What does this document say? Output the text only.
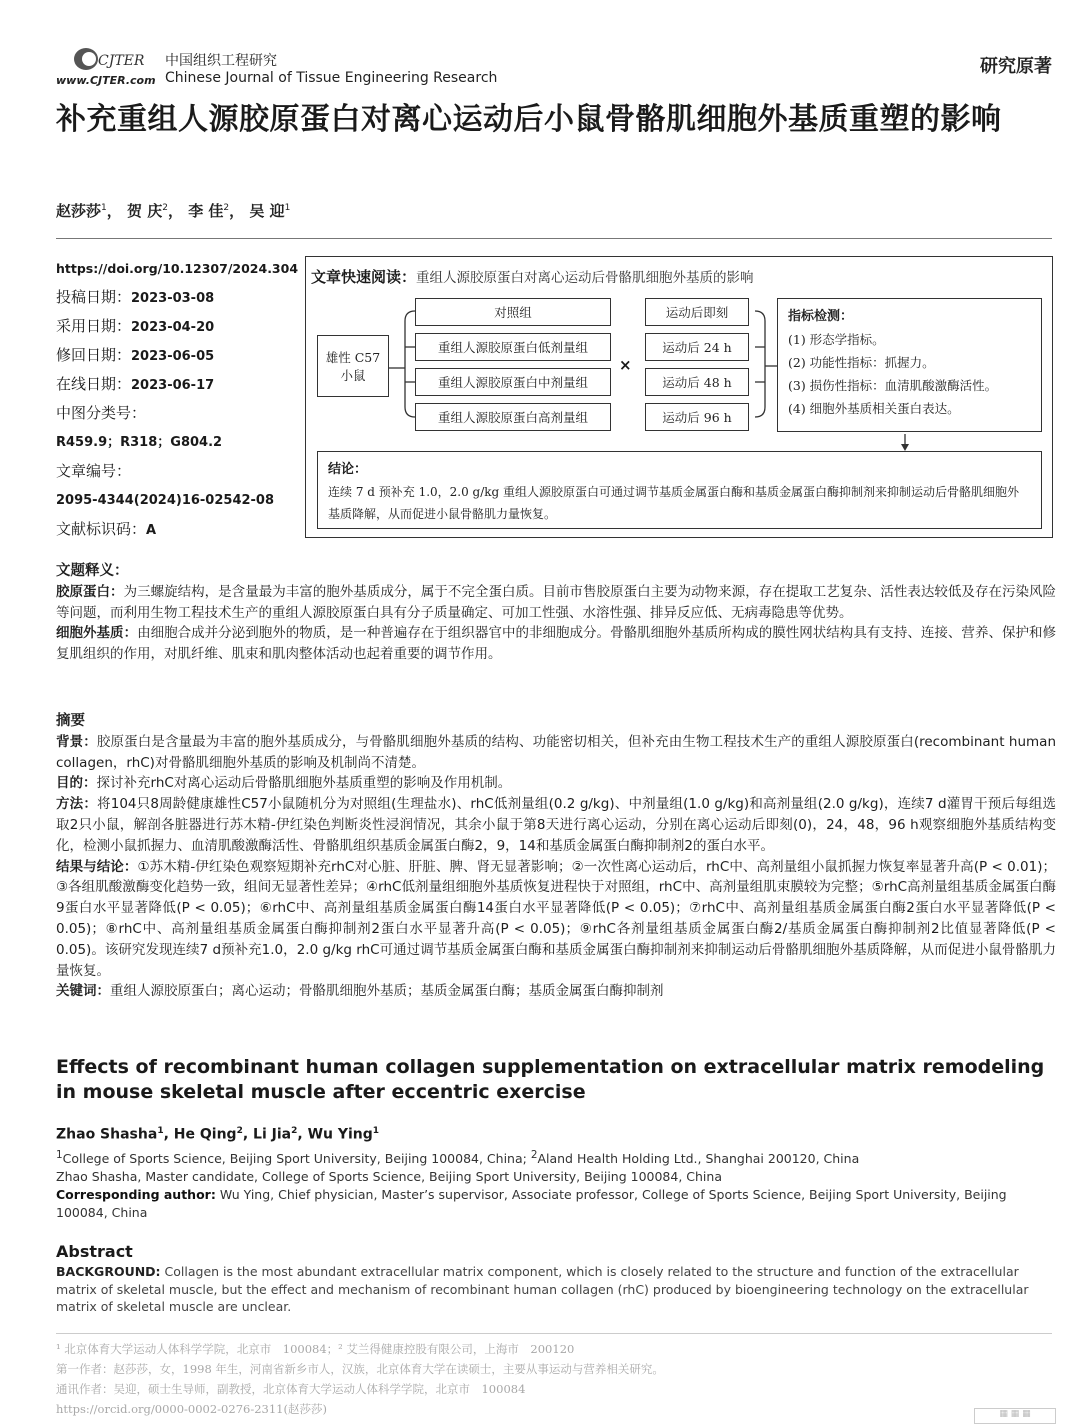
CJTER
www.CJTER.com
中国组织工程研究
Chinese Journal of Tissue Engineering Research
研究原著
补充重组人源胶原蛋白对离心运动后小鼠骨骼肌细胞外基质重塑的影响
赵莎莎$^1$， 贺 庆$^2$， 李 佳$^2$， 吴 迎$^1$
https://doi.org/10.12307/2024.304
投稿日期：2023-03-08
采用日期：2023-04-20
修回日期：2023-06-05
在线日期：2023-06-17
中图分类号：
R459.9；R318；G804.2
文章编号：
2095-4344(2024)16-02542-08
文献标识码：A
文章快速阅读：重组人源胶原蛋白对离心运动后骨骼肌细胞外基质的影响
雄性 C57 小鼠
对照组
重组人源胶原蛋白低剂量组
重组人源胶原蛋白中剂量组
重组人源胶原蛋白高剂量组
×
运动后即刻
运动后 24 h
运动后 48 h
运动后 96 h
指标检测：
(1) 形态学指标。
(2) 功能性指标：抓握力。
(3) 损伤性指标：血清肌酸激酶活性。
(4) 细胞外基质相关蛋白表达。
结论：
连续 7 d 预补充 1.0，2.0 g/kg 重组人源胶原蛋白可通过调节基质金属蛋白酶和基质金属蛋白酶抑制剂来抑制运动后骨骼肌细胞外基质降解，从而促进小鼠骨骼肌力量恢复。
文题释义：
胶原蛋白：为三螺旋结构，是含量最为丰富的胞外基质成分，属于不完全蛋白质。目前市售胶原蛋白主要为动物来源，存在提取工艺复杂、活性表达较低及存在污染风险等问题，而利用生物工程技术生产的重组人源胶原蛋白具有分子质量确定、可加工性强、水溶性强、排异反应低、无病毒隐患等优势。
细胞外基质：由细胞合成并分泌到胞外的物质，是一种普遍存在于组织器官中的非细胞成分。骨骼肌细胞外基质所构成的膜性网状结构具有支持、连接、营养、保护和修复肌组织的作用，对肌纤维、肌束和肌肉整体活动也起着重要的调节作用。
摘要
背景：胶原蛋白是含量最为丰富的胞外基质成分，与骨骼肌细胞外基质的结构、功能密切相关，但补充由生物工程技术生产的重组人源胶原蛋白(recombinant human collagen，rhC)对骨骼肌细胞外基质的影响及机制尚不清楚。
目的：探讨补充rhC对离心运动后骨骼肌细胞外基质重塑的影响及作用机制。
方法：将104只8周龄健康雄性C57小鼠随机分为对照组(生理盐水)、rhC低剂量组(0.2 g/kg)、中剂量组(1.0 g/kg)和高剂量组(2.0 g/kg)，连续7 d灌胃干预后每组选取2只小鼠，解剖各脏器进行苏木精-伊红染色判断炎性浸润情况，其余小鼠于第8天进行离心运动，分别在离心运动后即刻(0)，24，48，96 h观察细胞外基质结构变化，检测小鼠抓握力、血清肌酸激酶活性、骨骼肌组织基质金属蛋白酶2，9，14和基质金属蛋白酶抑制剂2的蛋白水平。
结果与结论：①苏木精-伊红染色观察短期补充rhC对心脏、肝脏、脾、肾无显著影响；②一次性离心运动后，rhC中、高剂量组小鼠抓握力恢复率显著升高(P < 0.01)；③各组肌酸激酶变化趋势一致，组间无显著性差异；④rhC低剂量组细胞外基质恢复进程快于对照组，rhC中、高剂量组肌束膜较为完整；⑤rhC高剂量组基质金属蛋白酶9蛋白水平显著降低(P < 0.05)；⑥rhC中、高剂量组基质金属蛋白酶14蛋白水平显著降低(P < 0.05)；⑦rhC中、高剂量组基质金属蛋白酶2蛋白水平显著降低(P < 0.05)；⑧rhC中、高剂量组基质金属蛋白酶抑制剂2蛋白水平显著升高(P < 0.05)；⑨rhC各剂量组基质金属蛋白酶2/基质金属蛋白酶抑制剂2比值显著降低(P < 0.05)。该研究发现连续7 d预补充1.0，2.0 g/kg rhC可通过调节基质金属蛋白酶和基质金属蛋白酶抑制剂来抑制运动后骨骼肌细胞外基质降解，从而促进小鼠骨骼肌力量恢复。
关键词：重组人源胶原蛋白；离心运动；骨骼肌细胞外基质；基质金属蛋白酶；基质金属蛋白酶抑制剂
Effects of recombinant human collagen supplementation on extracellular matrix remodeling in mouse skeletal muscle after eccentric exercise
Zhao Shasha$^1$, He Qing$^2$, Li Jia$^2$, Wu Ying$^1$
$^1$College of Sports Science, Beijing Sport University, Beijing 100084, China; $^2$Aland Health Holding Ltd., Shanghai 200120, China
Zhao Shasha, Master candidate, College of Sports Science, Beijing Sport University, Beijing 100084, China
Corresponding author: Wu Ying, Chief physician, Master’s supervisor, Associate professor, College of Sports Science, Beijing Sport University, Beijing 100084, China
Abstract
BACKGROUND: Collagen is the most abundant extracellular matrix component, which is closely related to the structure and function of the extracellular matrix of skeletal muscle, but the effect and mechanism of recombinant human collagen (rhC) produced by bioengineering technology on the extracellular matrix of skeletal muscle are unclear.
¹ 北京体育大学运动人体科学学院，北京市　100084；² 艾兰得健康控股有限公司，上海市　200120
第一作者：赵莎莎，女，1998 年生，河南省新乡市人，汉族，北京体育大学在读硕士，主要从事运动与营养相关研究。
通讯作者：吴迎，硕士生导师，副教授，北京体育大学运动人体科学学院，北京市　100084
https://orcid.org/0000-0002-0276-2311(赵莎莎)	▦ ▦ ▦
